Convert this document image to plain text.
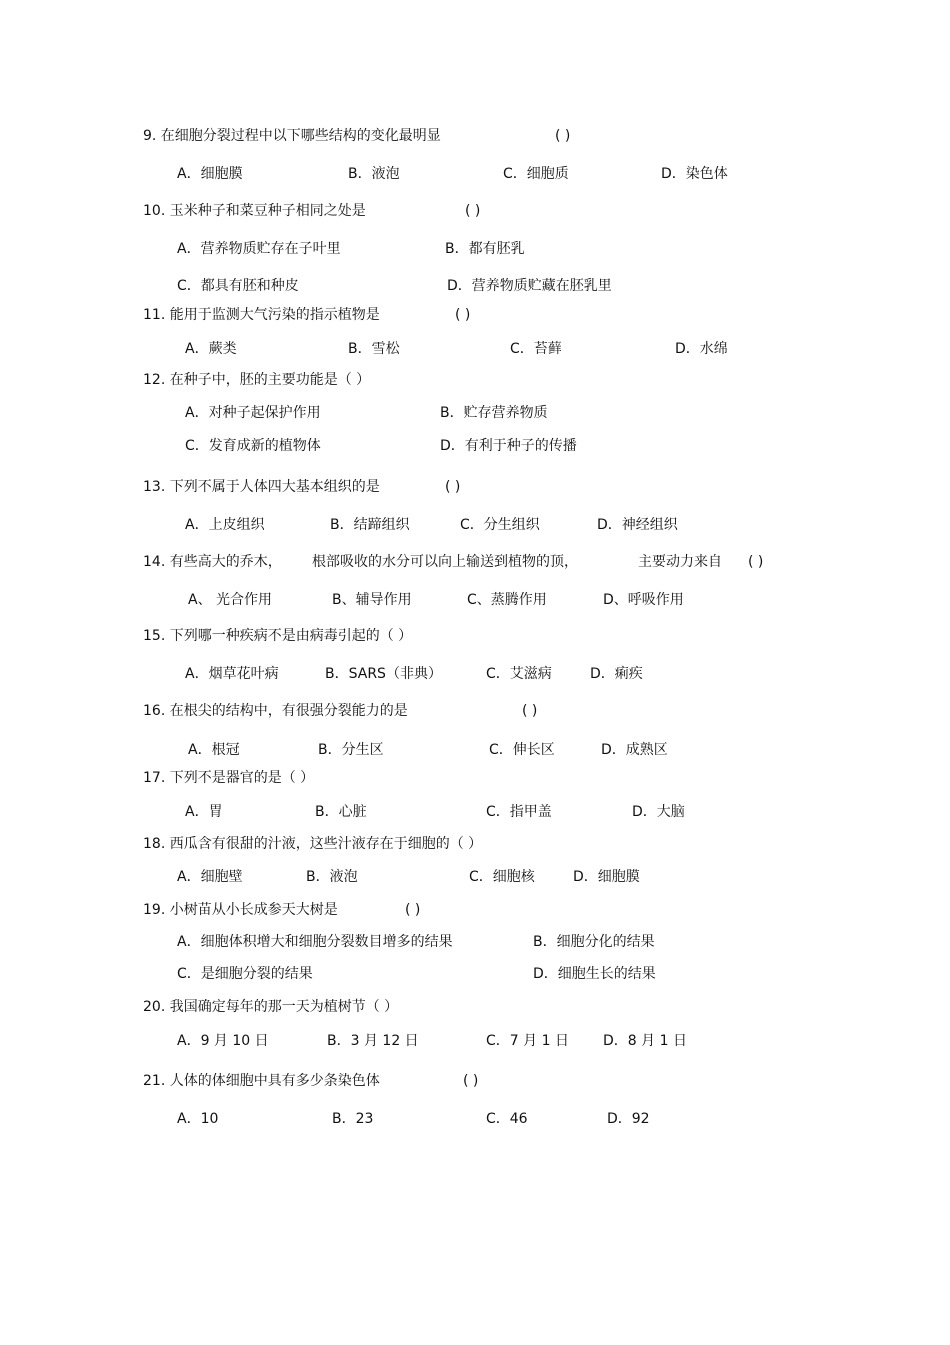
9. 在细胞分裂过程中以下哪些结构的变化最明显	( )
A．细胞膜	B．液泡	C．细胞质	D．染色体
10. 玉米种子和菜豆种子相同之处是	( )
A．营养物质贮存在子叶里	B．都有胚乳
C．都具有胚和种皮	D．营养物质贮藏在胚乳里
11. 能用于监测大气污染的指示植物是	( )
A．蕨类	B．雪松	C．苔藓	D．水绵
12. 在种子中，胚的主要功能是（ ）
A．对种子起保护作用	B．贮存营养物质
C．发育成新的植物体	D．有利于种子的传播
13. 下列不属于人体四大基本组织的是	( )
A．上皮组织	B．结蹄组织	C．分生组织	D．神经组织
14. 有些高大的乔木， 根部吸收的水分可以向上输送到植物的顶，	主要动力来自 ( )
A、 光合作用	B、辅导作用	C、蒸腾作用	D、呼吸作用
15. 下列哪一种疾病不是由病毒引起的（ ）
A．烟草花叶病	B．SARS（非典）	C．艾滋病	D．痢疾
16. 在根尖的结构中，有很强分裂能力的是	( )
A．根冠	B．分生区	C．伸长区	D．成熟区
17. 下列不是器官的是（ ）
A．胃	B．心脏	C．指甲盖	D．大脑
18. 西瓜含有很甜的汁液，这些汁液存在于细胞的（ ）
A．细胞壁	B．液泡	C．细胞核	D．细胞膜
19. 小树苗从小长成参天大树是	( )
A．细胞体积增大和细胞分裂数目增多的结果	B．细胞分化的结果
C．是细胞分裂的结果	D．细胞生长的结果
20. 我国确定每年的那一天为植树节（ ）
A．9 月 10 日	B．3 月 12 日	C．7 月 1 日 D．8 月 1 日
21. 人体的体细胞中具有多少条染色体	( )
A．10	B．23	C．46	D．92
